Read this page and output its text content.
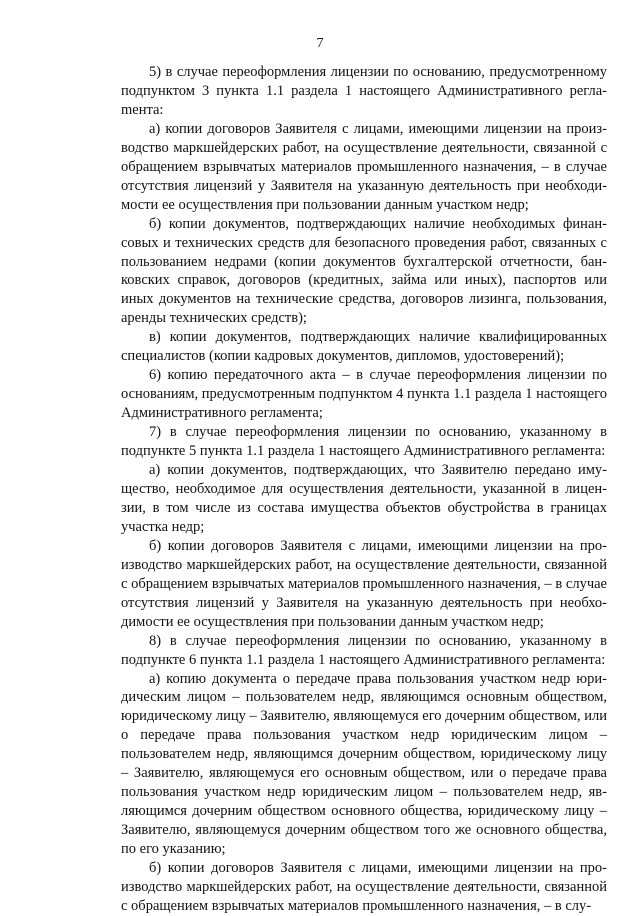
7

5) в случае переоформления лицензии по основанию, предусмотренному подпунктом 3 пункта 1.1 раздела 1 настоящего Административного реглаmента:

а) копии договоров Заявителя с лицами, имеющими лицензии на производство маркшейдерских работ, на осуществление деятельности, связанной с обращением взрывчатых материалов промышленного назначения, – в случае отсутствия лицензий у Заявителя на указанную деятельность при необходимости ее осуществления при пользовании данным участком недр;

б) копии документов, подтверждающих наличие необходимых финансовых и технических средств для безопасного проведения работ, связанных с пользованием недрами (копии документов бухгалтерской отчетности, банковских справок, договоров (кредитных, займа или иных), паспортов или иных документов на технические средства, договоров лизинга, пользования, аренды технических средств);

в) копии документов, подтверждающих наличие квалифицированных специалистов (копии кадровых документов, дипломов, удостоверений);

6) копию передаточного акта – в случае переоформления лицензии по основаниям, предусмотренным подпунктом 4 пункта 1.1 раздела 1 настоящего Административного регламента;

7) в случае переоформления лицензии по основанию, указанному в подпункте 5 пункта 1.1 раздела 1 настоящего Административного регламента:

а) копии документов, подтверждающих, что Заявителю передано имущество, необходимое для осуществления деятельности, указанной в лицензии, в том числе из состава имущества объектов обустройства в границах участка недр;

б) копии договоров Заявителя с лицами, имеющими лицензии на производство маркшейдерских работ, на осуществление деятельности, связанной с обращением взрывчатых материалов промышленного назначения, – в случае отсутствия лицензий у Заявителя на указанную деятельность при необходимости ее осуществления при пользовании данным участком недр;

8) в случае переоформления лицензии по основанию, указанному в подпункте 6 пункта 1.1 раздела 1 настоящего Административного регламента:

а) копию документа о передаче права пользования участком недр юридическим лицом – пользователем недр, являющимся основным обществом, юридическому лицу – Заявителю, являющемуся его дочерним обществом, или о передаче права пользования участком недр юридическим лицом – пользователем недр, являющимся дочерним обществом, юридическому лицу – Заявителю, являющемуся его основным обществом, или о передаче права пользования участком недр юридическим лицом – пользователем недр, являющимся дочерним обществом основного общества, юридическому лицу – Заявителю, являющемуся дочерним обществом того же основного общества, по его указанию;

б) копии договоров Заявителя с лицами, имеющими лицензии на производство маркшейдерских работ, на осуществление деятельности, связанной с обращением взрывчатых материалов промышленного назначения, – в слу-
